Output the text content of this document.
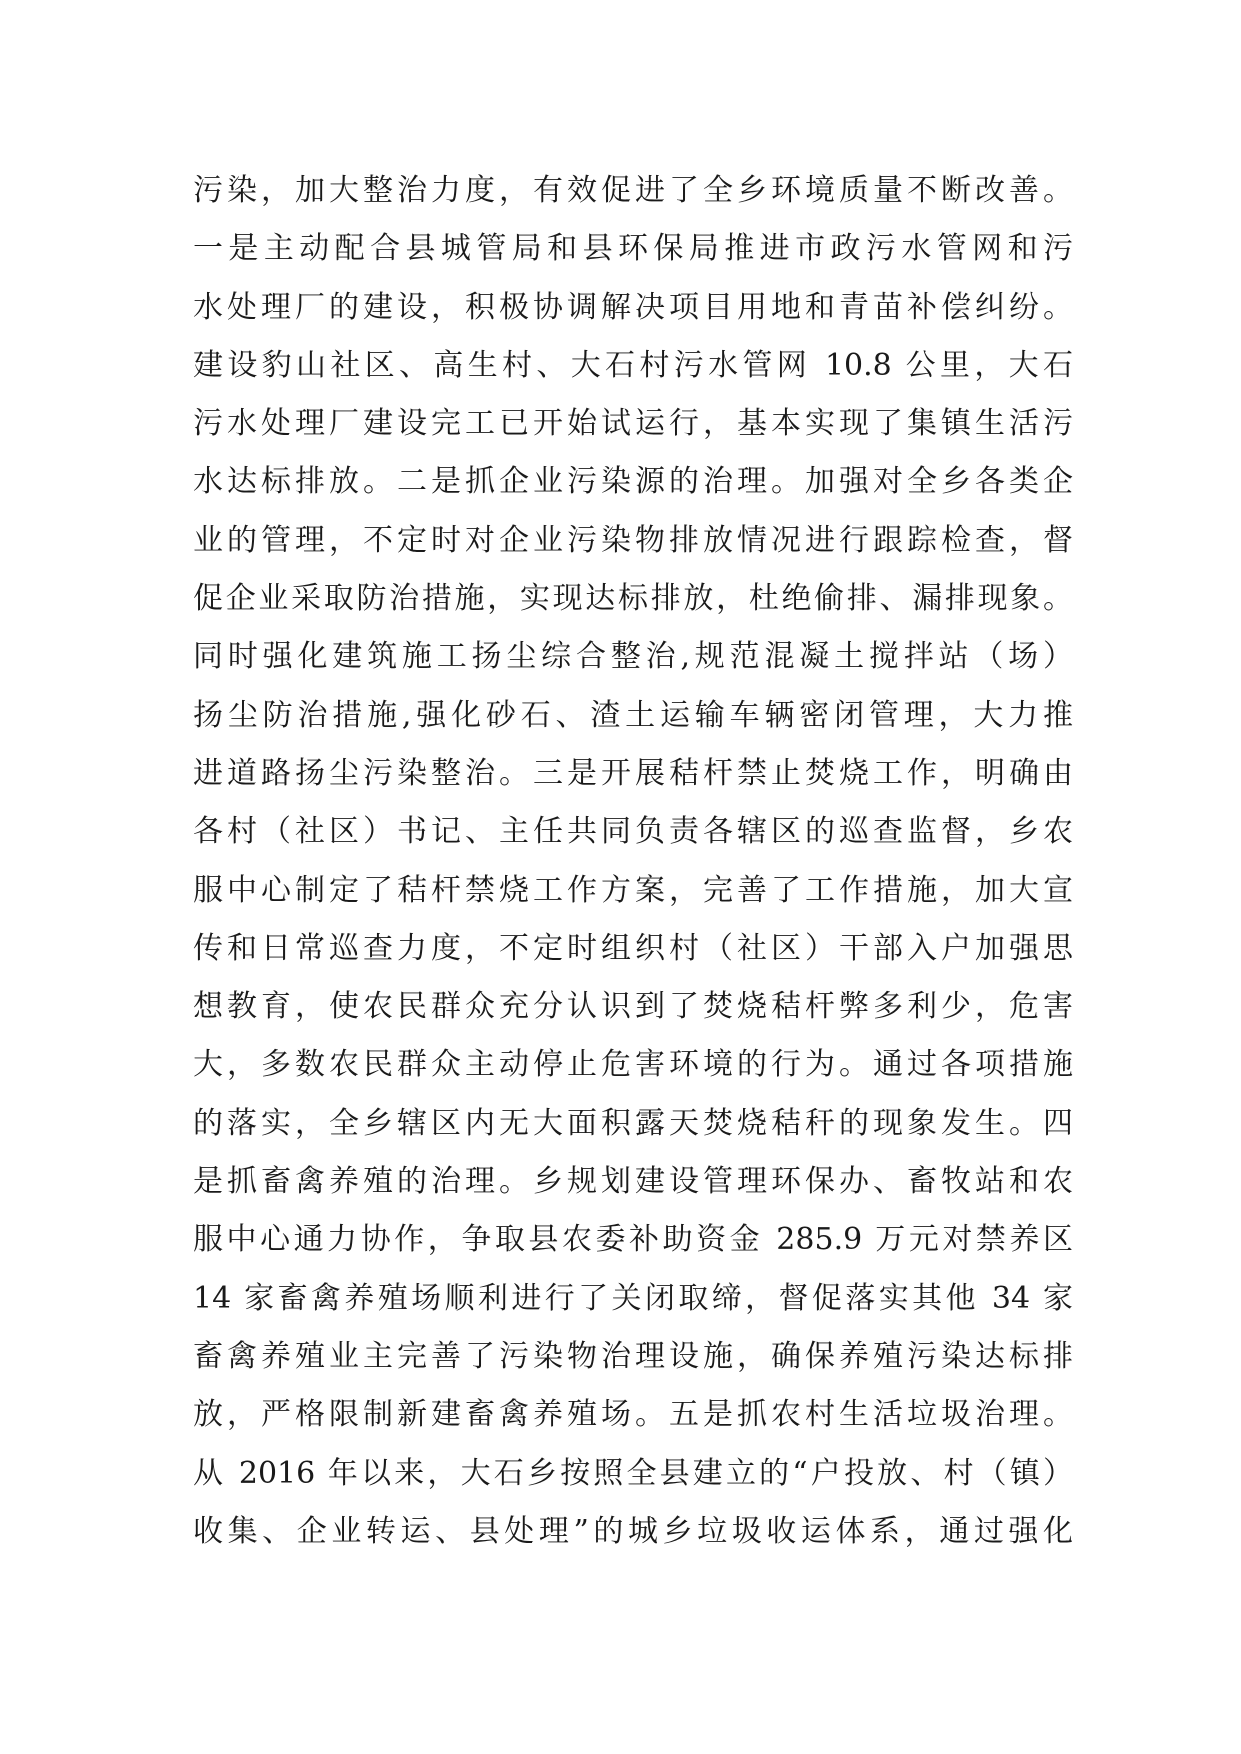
污染，加大整治力度，有效促进了全乡环境质量不断改善。
一是主动配合县城管局和县环保局推进市政污水管网和污
水处理厂的建设，积极协调解决项目用地和青苗补偿纠纷。
建设豹山社区、高生村、大石村污水管网 10.8 公里，大石
污水处理厂建设完工已开始试运行，基本实现了集镇生活污
水达标排放。二是抓企业污染源的治理。加强对全乡各类企
业的管理，不定时对企业污染物排放情况进行跟踪检查，督
促企业采取防治措施，实现达标排放，杜绝偷排、漏排现象。
同时强化建筑施工扬尘综合整治,规范混凝土搅拌站（场）
扬尘防治措施,强化砂石、渣土运输车辆密闭管理，大力推
进道路扬尘污染整治。三是开展秸杆禁止焚烧工作，明确由
各村（社区）书记、主任共同负责各辖区的巡查监督，乡农
服中心制定了秸杆禁烧工作方案，完善了工作措施，加大宣
传和日常巡查力度，不定时组织村（社区）干部入户加强思
想教育，使农民群众充分认识到了焚烧秸杆弊多利少，危害
大，多数农民群众主动停止危害环境的行为。通过各项措施
的落实，全乡辖区内无大面积露天焚烧秸秆的现象发生。四
是抓畜禽养殖的治理。乡规划建设管理环保办、畜牧站和农
服中心通力协作，争取县农委补助资金 285.9 万元对禁养区
14 家畜禽养殖场顺利进行了关闭取缔，督促落实其他 34 家
畜禽养殖业主完善了污染物治理设施，确保养殖污染达标排
放，严格限制新建畜禽养殖场。五是抓农村生活垃圾治理。
从 2016 年以来，大石乡按照全县建立的“户投放、村（镇）
收集、企业转运、县处理”的城乡垃圾收运体系，通过强化
